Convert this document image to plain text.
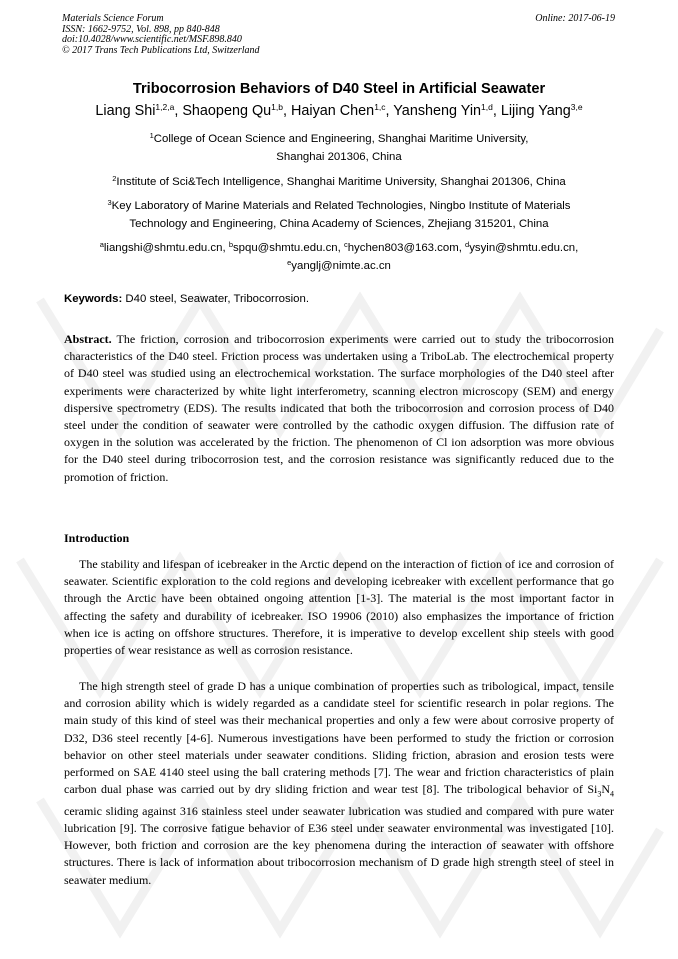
Materials Science Forum
ISSN: 1662-9752, Vol. 898, pp 840-848
doi:10.4028/www.scientific.net/MSF.898.840
© 2017 Trans Tech Publications Ltd, Switzerland
Online: 2017-06-19
Tribocorrosion Behaviors of D40 Steel in Artificial Seawater
Liang Shi$^{1,2,a}$, Shaopeng Qu$^{1,b}$, Haiyan Chen$^{1,c}$, Yansheng Yin$^{1,d}$, Lijing Yang$^{3,e}$
$^1$College of Ocean Science and Engineering, Shanghai Maritime University,
Shanghai 201306, China
$^2$Institute of Sci&Tech Intelligence, Shanghai Maritime University, Shanghai 201306, China
$^3$Key Laboratory of Marine Materials and Related Technologies, Ningbo Institute of Materials
Technology and Engineering, China Academy of Sciences, Zhejiang 315201, China
$^a$liangshi@shmtu.edu.cn, $^b$spqu@shmtu.edu.cn, $^c$hychen803@163.com, $^d$ysyin@shmtu.edu.cn,
$^e$yanglj@nimte.ac.cn
Keywords: D40 steel, Seawater, Tribocorrosion.
Abstract. The friction, corrosion and tribocorrosion experiments were carried out to study the tribocorrosion characteristics of the D40 steel. Friction process was undertaken using a TriboLab. The electrochemical property of D40 steel was studied using an electrochemical workstation. The surface morphologies of the D40 steel after experiments were characterized by white light interferometry, scanning electron microscopy (SEM) and energy dispersive spectrometry (EDS). The results indicated that both the tribocorrosion and corrosion process of D40 steel under the condition of seawater were controlled by the cathodic oxygen diffusion. The diffusion rate of oxygen in the solution was accelerated by the friction. The phenomenon of Cl ion adsorption was more obvious for the D40 steel during tribocorrosion test, and the corrosion resistance was significantly reduced due to the promotion of friction.
Introduction
The stability and lifespan of icebreaker in the Arctic depend on the interaction of fiction of ice and corrosion of seawater. Scientific exploration to the cold regions and developing icebreaker with excellent performance that go through the Arctic have been obtained ongoing attention [1-3]. The material is the most important factor in affecting the safety and durability of icebreaker. ISO 19906 (2010) also emphasizes the importance of friction when ice is acting on offshore structures. Therefore, it is imperative to develop excellent ship steels with good properties of wear resistance as well as corrosion resistance.
The high strength steel of grade D has a unique combination of properties such as tribological, impact, tensile and corrosion ability which is widely regarded as a candidate steel for scientific research in polar regions. The main study of this kind of steel was their mechanical properties and only a few were about corrosive property of D32, D36 steel recently [4-6]. Numerous investigations have been performed to study the friction or corrosion behavior on other steel materials under seawater conditions. Sliding friction, abrasion and erosion tests were performed on SAE 4140 steel using the ball cratering methods [7]. The wear and friction characteristics of plain carbon dual phase was carried out by dry sliding friction and wear test [8]. The tribological behavior of $Si_3N_4$ ceramic sliding against 316 stainless steel under seawater lubrication was studied and compared with pure water lubrication [9]. The corrosive fatigue behavior of E36 steel under seawater environmental was investigated [10]. However, both friction and corrosion are the key phenomena during the interaction of seawater with offshore structures. There is lack of information about tribocorrosion mechanism of D grade high strength steel of steel in seawater medium.
